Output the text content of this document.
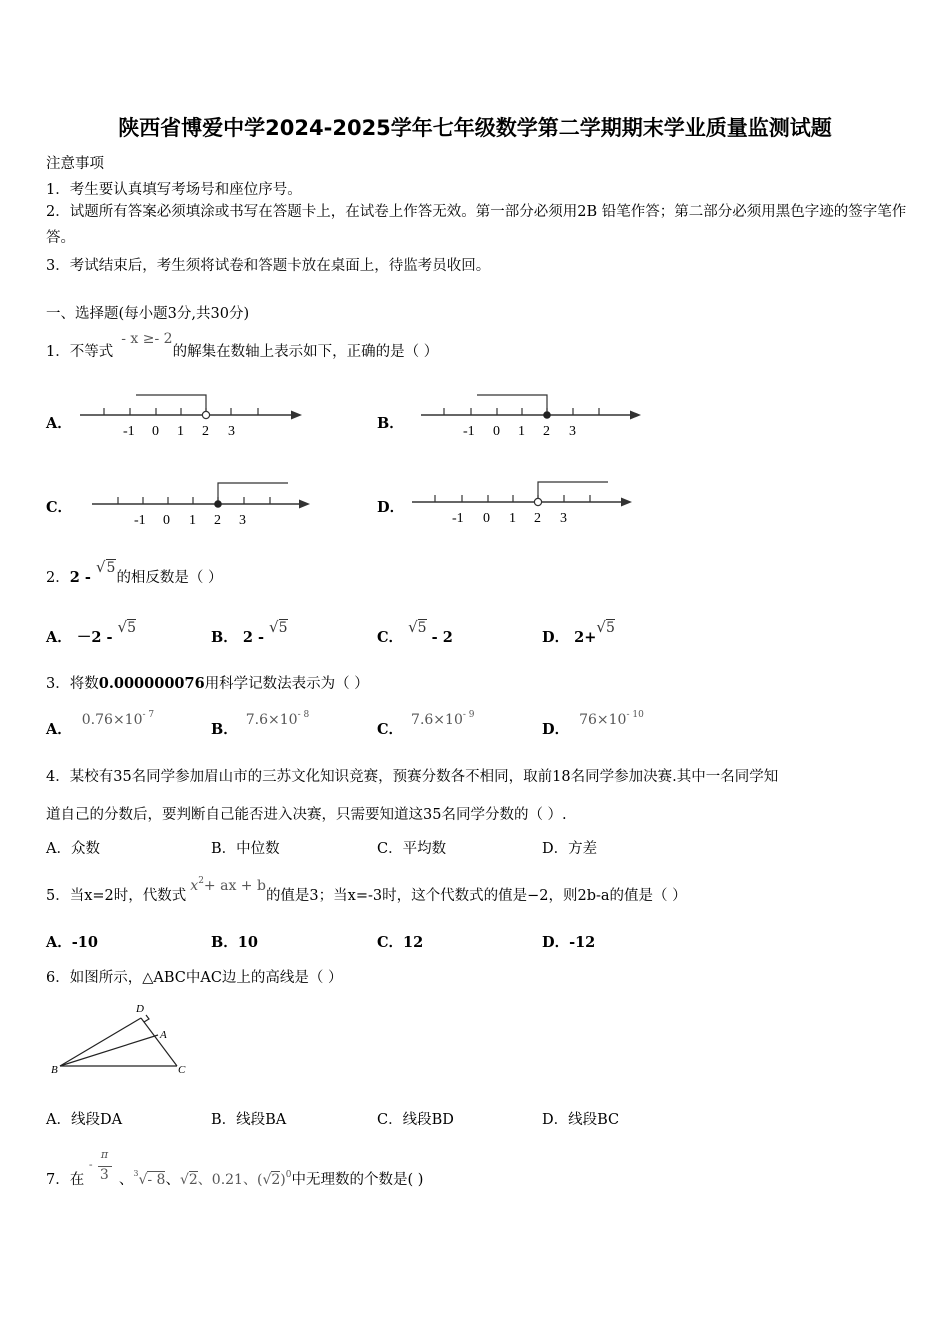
陕西省博爱中学2024-2025学年七年级数学第二学期期末学业质量监测试题
注意事项
1．考生要认真填写考场号和座位序号。
2．试题所有答案必须填涂或书写在答题卡上，在试卷上作答无效。第一部分必须用2B 铅笔作答；第二部分必须用黑色字迹的签字笔作答。
3．考试结束后，考生须将试卷和答题卡放在桌面上，待监考员收回。
一、选择题(每小题3分,共30分)
1．不等式- x ≥- 2的解集在数轴上表示如下，正确的是（ ）
A．	-1 0 1 2 3	B．	-1 0 1 2 3
C．
-1 0 1 2 3
D．
-1 0 1 2 3
2．2 - √5的相反数是（ ）
A． －2 - √5
B． 2 - √5
C． √5 - 2	D． 2+√5
3．将数0.000000076用科学记数法表示为（ ）
A．$0.76\times 10^{- 7}$
B．$7.6\times 10^{- 8}$
C．$7.6\times 10^{- 9}$
D．$76\times 10^{- 10}$
4．某校有35名同学参加眉山市的三苏文化知识竞赛，预赛分数各不相同，取前18名同学参加决赛.其中一名同学知
道自己的分数后，要判断自己能否进入决赛，只需要知道这35名同学分数的（ ）.
A．众数	B．中位数	C．平均数	D．方差
5．当x=2时，代数式$x^2+$ ax + b的值是3；当x=-3时，这个代数式的值是−2，则2b-a的值是（ ）
A．-10	B．10	C．12	D．-12
6．如图所示，△ABC中AC边上的高线是（ ）
D
A
B	C
A．线段DA	B．线段BA	C．线段BD	D．线段BC
7．在
-
π
3 、$^3$√- 8、√2、0.21、$(√2)^0$中无理数的个数是( )
